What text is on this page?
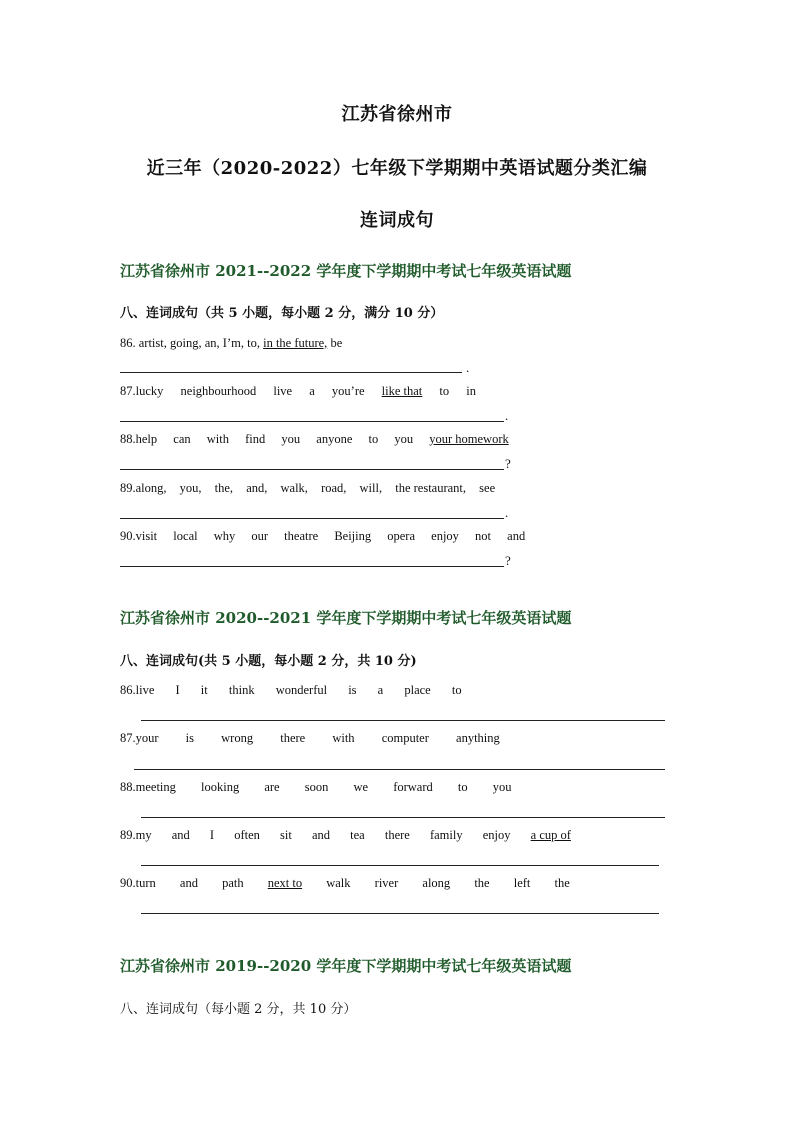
江苏省徐州市
近三年（2020-2022）七年级下学期期中英语试题分类汇编
连词成句
江苏省徐州市 2021--2022 学年度下学期期中考试七年级英语试题
八、连词成句（共 5 小题，每小题 2 分，满分 10 分）
86. artist, going, an, I’m, to, in the future, be
.
87.lucky neighbourhood live a you’re like that to in
.
88.help can with find you anyone to you your homework
?
89.along, you, the, and, walk, road, will, the restaurant, see
.
90.visit local why our theatre Beijing opera enjoy not and
?
江苏省徐州市 2020--2021 学年度下学期期中考试七年级英语试题
八、连词成句(共 5 小题，每小题 2 分，共 10 分)
86.live I it think wonderful is a place to
87.your is wrong there with computer anything
88.meeting looking are soon we forward to you
89.my and I often sit and tea there family enjoy a cup of
90.turn and path next to walk river along the left the
江苏省徐州市 2019--2020 学年度下学期期中考试七年级英语试题
八、连词成句（每小题 2 分，共 10 分）
